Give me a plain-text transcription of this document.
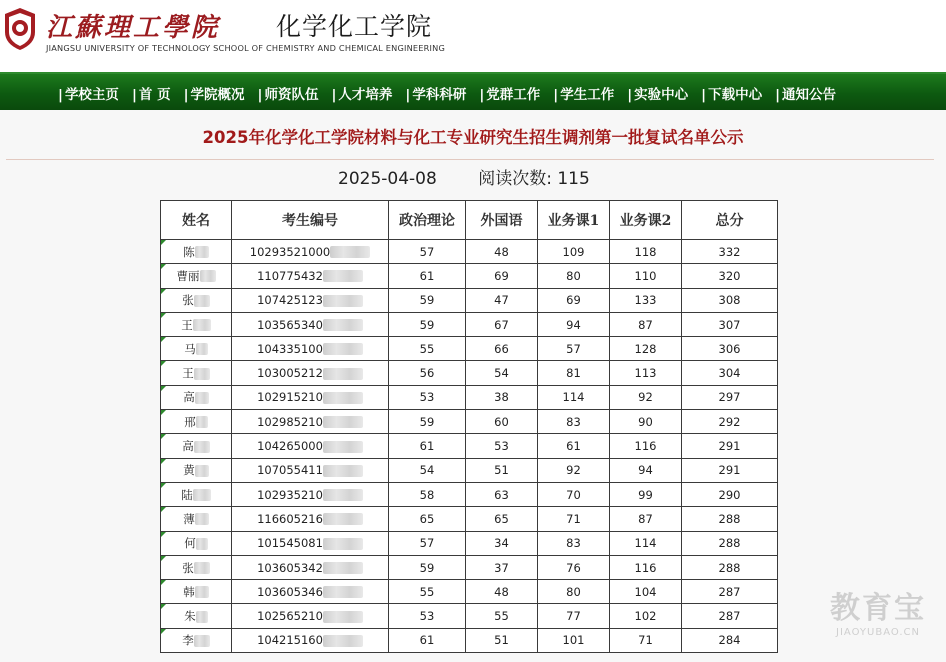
江蘇理工學院 化学化工学院
JIANGSU UNIVERSITY OF TECHNOLOGY SCHOOL OF CHEMISTRY AND CHEMICAL ENGINEERING
| 学校主页 | 首 页 | 学院概况 | 师资队伍 | 人才培养 | 学科科研 | 党群工作 | 学生工作 | 实验中心 | 下载中心 | 通知公告
2025年化学化工学院材料与化工专业研究生招生调剂第一批复试名单公示
2025-04-08 阅读次数: 115
姓名	考生编号	政治理论	外国语	业务课1	业务课2	总分
陈	10293521000	57	48	109	118	332
曹丽	110775432	61	69	80	110	320
张	107425123	59	47	69	133	308
王	103565340	59	67	94	87	307
马	104335100	55	66	57	128	306
王	103005212	56	54	81	113	304
高	102915210	53	38	114	92	297
邢	102985210	59	60	83	90	292
高	104265000	61	53	61	116	291
黄	107055411	54	51	92	94	291
陆	102935210	58	63	70	99	290
薄	116605216	65	65	71	87	288
何	101545081	57	34	83	114	288
张	103605342	59	37	76	116	288
韩	103605346	55	48	80	104	287
朱	102565210	53	55	77	102	287
李	104215160	61	51	101	71	284
教育宝
JIAOYUBAO.CN
